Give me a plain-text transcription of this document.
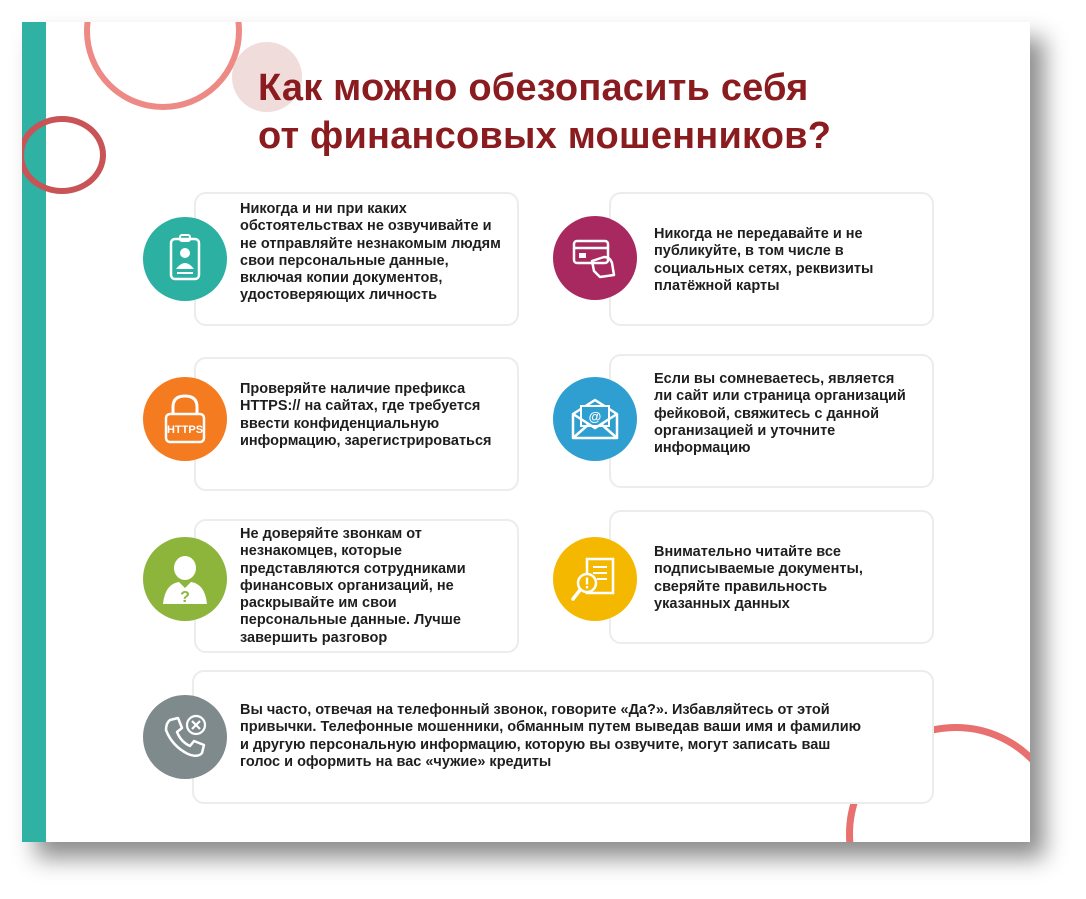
Как можно обезопасить себя
от финансовых мошенников?

Никогда и ни при каких обстоятельствах не озвучивайте и не отправляйте незнакомым людям свои персональные данные, включая копии документов, удостоверяющих личность

Никогда не передавайте и не публикуйте, в том числе в социальных сетях, реквизиты платёжной карты

HTTPS

Проверяйте наличие префикса HTTPS:// на сайтах, где требуется ввести конфиденциальную информацию, зарегистрироваться

@

Если вы сомневаетесь, является ли сайт или страница организаций фейковой, свяжитесь с данной организацией и уточните информацию

?

Не доверяйте звонкам от незнакомцев, которые представляются сотрудниками финансовых организаций, не раскрывайте им свои персональные данные. Лучше завершить разговор

Внимательно читайте все подписываемые документы, сверяйте правильность указанных данных

Вы часто, отвечая на телефонный звонок, говорите «Да?». Избавляйтесь от этой привычки. Телефонные мошенники, обманным путем выведав ваши имя и фамилию и другую персональную информацию, которую вы озвучите, могут записать ваш голос и оформить на вас «чужие» кредиты
